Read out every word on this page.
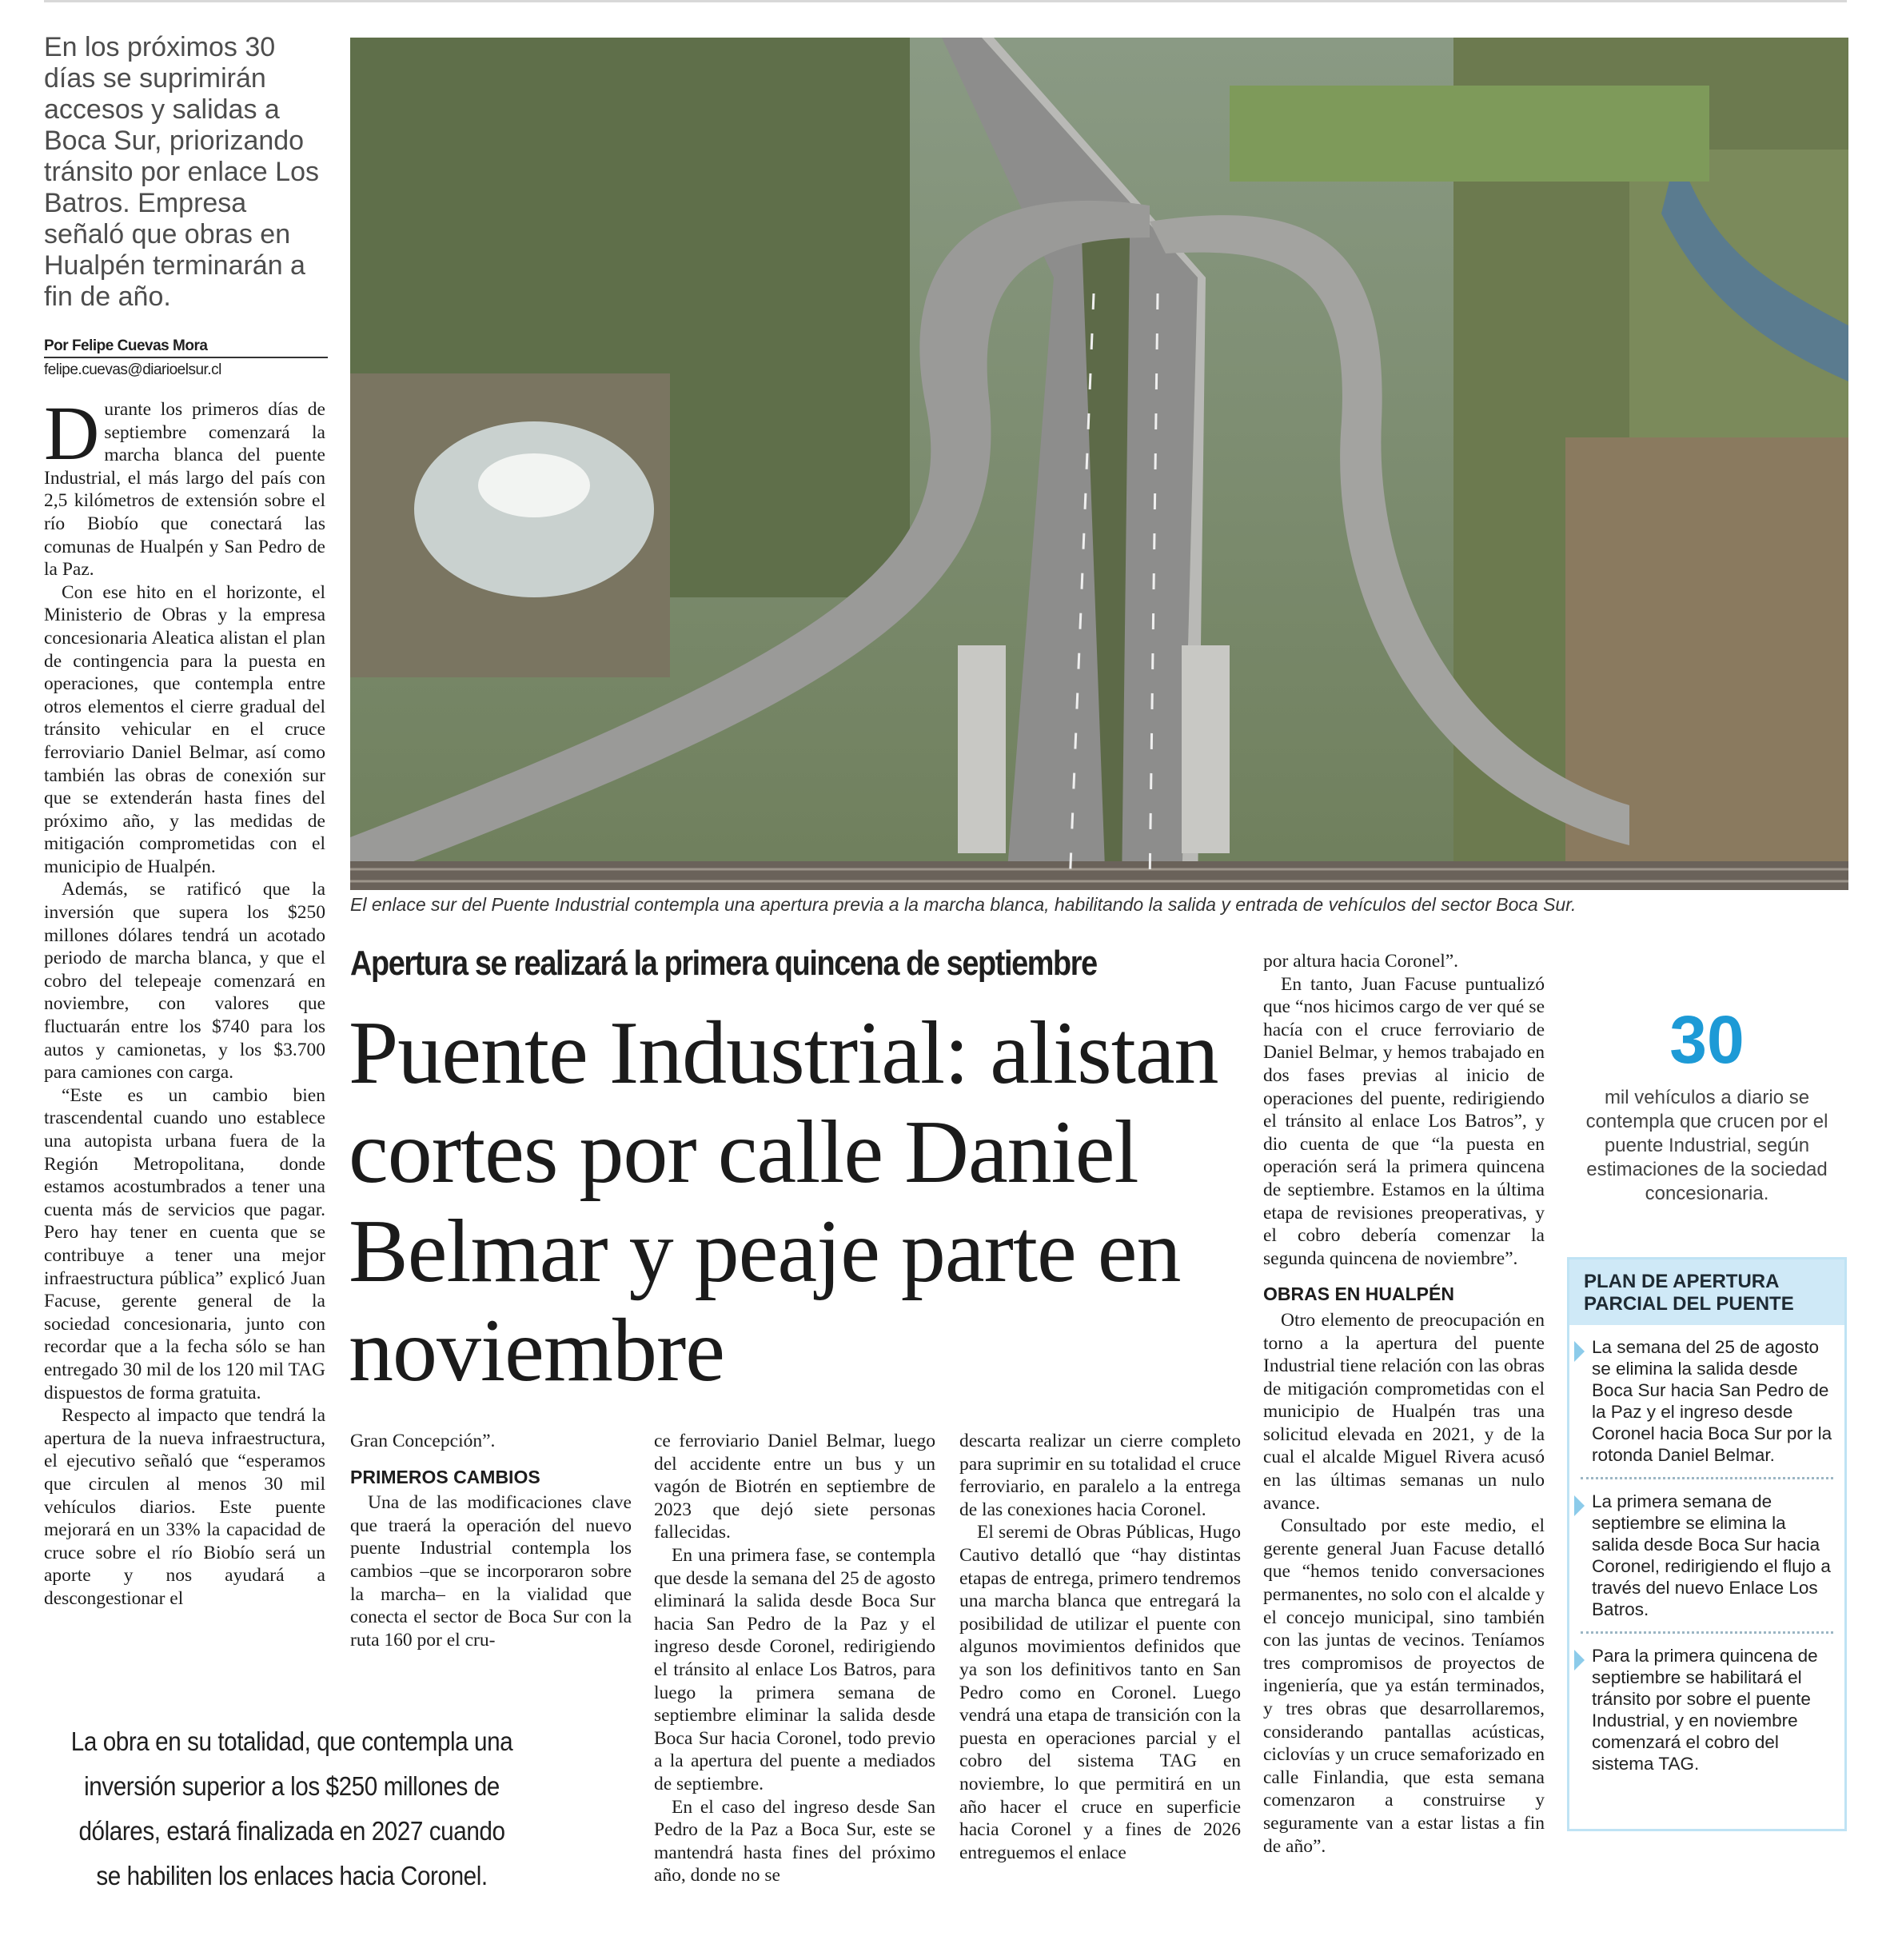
En los próximos 30 días se suprimirán accesos y salidas a Boca Sur, priorizando tránsito por enlace Los Batros. Empresa señaló que obras en Hualpén terminarán a fin de año.
Por Felipe Cuevas Mora
felipe.cuevas@diarioelsur.cl

Durante los primeros días de septiembre comenzará la marcha blanca del puente Industrial, el más largo del país con 2,5 kilómetros de extensión sobre el río Biobío que conectará las comunas de Hualpén y San Pedro de la Paz.

Con ese hito en el horizonte, el Ministerio de Obras y la empresa concesionaria Aleatica alistan el plan de contingencia para la puesta en operaciones, que contempla entre otros elementos el cierre gradual del tránsito vehicular en el cruce ferroviario Daniel Belmar, así como también las obras de conexión sur que se extenderán hasta fines del próximo año, y las medidas de mitigación comprometidas con el municipio de Hualpén.

Además, se ratificó que la inversión que supera los $250 millones dólares tendrá un acotado periodo de marcha blanca, y que el cobro del telepeaje comenzará en noviembre, con valores que fluctuarán entre los $740 para los autos y camionetas, y los $3.700 para camiones con carga.

“Este es un cambio bien trascendental cuando uno establece una autopista urbana fuera de la Región Metropolitana, donde estamos acostumbrados a tener una cuenta más de servicios que pagar. Pero hay tener en cuenta que se contribuye a tener una mejor infraestructura pública” explicó Juan Facuse, gerente general de la sociedad concesionaria, junto con recordar que a la fecha sólo se han entregado 30 mil de los 120 mil TAG dispuestos de forma gratuita.

Respecto al impacto que tendrá la apertura de la nueva infraestructura, el ejecutivo señaló que “esperamos que circulen al menos 30 mil vehículos diarios. Este puente mejorará en un 33% la capacidad de cruce sobre el río Biobío será un aporte y nos ayudará a descongestionar el

El enlace sur del Puente Industrial contempla una apertura previa a la marcha blanca, habilitando la salida y entrada de vehículos del sector Boca Sur.
Apertura se realizará la primera quincena de septiembre
Puente Industrial: alistan cortes por calle Daniel Belmar y peaje parte en noviembre

Gran Concepción”.

PRIMEROS CAMBIOS

Una de las modificaciones clave que traerá la operación del nuevo puente Industrial contempla los cambios –que se incorporaron sobre la marcha– en la vialidad que conecta el sector de Boca Sur con la ruta 160 por el cru-

ce ferroviario Daniel Belmar, luego del accidente entre un bus y un vagón de Biotrén en septiembre de 2023 que dejó siete personas fallecidas.

En una primera fase, se contempla que desde la semana del 25 de agosto eliminará la salida desde Boca Sur hacia San Pedro de la Paz y el ingreso desde Coronel, redirigiendo el tránsito al enlace Los Batros, para luego la primera semana de septiembre eliminar la salida desde Boca Sur hacia Coronel, todo previo a la apertura del puente a mediados de septiembre.

En el caso del ingreso desde San Pedro de la Paz a Boca Sur, este se mantendrá hasta fines del próximo año, donde no se

descarta realizar un cierre completo para suprimir en su totalidad el cruce ferroviario, en paralelo a la entrega de las conexiones hacia Coronel.

El seremi de Obras Públicas, Hugo Cautivo detalló que “hay distintas etapas de entrega, primero tendremos una marcha blanca que entregará la posibilidad de utilizar el puente con algunos movimientos definidos que ya son los definitivos tanto en San Pedro como en Coronel. Luego vendrá una etapa de transición con la puesta en operaciones parcial y el cobro del sistema TAG en noviembre, lo que permitirá en un año hacer el cruce en superficie hacia Coronel y a fines de 2026 entreguemos el enlace

por altura hacia Coronel”.

En tanto, Juan Facuse puntualizó que “nos hicimos cargo de ver qué se hacía con el cruce ferroviario de Daniel Belmar, y hemos trabajado en dos fases previas al inicio de operaciones del puente, redirigiendo el tránsito al enlace Los Batros”, y dio cuenta de que “la puesta en operación será la primera quincena de septiembre. Estamos en la última etapa de revisiones preoperativas, y el cobro debería comenzar la segunda quincena de noviembre”.

OBRAS EN HUALPÉN

Otro elemento de preocupación en torno a la apertura del puente Industrial tiene relación con las obras de mitigación comprometidas con el municipio de Hualpén tras una solicitud elevada en 2021, y de la cual el alcalde Miguel Rivera acusó en las últimas semanas un nulo avance.

Consultado por este medio, el gerente general Juan Facuse detalló que “hemos tenido conversaciones permanentes, no solo con el alcalde y el concejo municipal, sino también con las juntas de vecinos. Teníamos tres compromisos de proyectos de ingeniería, que ya están terminados, y tres obras que desarrollaremos, considerando pantallas acústicas, ciclovías y un cruce semaforizado en calle Finlandia, que esta semana comenzaron a construirse y seguramente van a estar listas a fin de año”.

La obra en su totalidad, que contempla una inversión superior a los $250 millones de dólares, estará finalizada en 2027 cuando se habiliten los enlaces hacia Coronel.
30
mil vehículos a diario se contempla que crucen por el puente Industrial, según estimaciones de la sociedad concesionaria.
PLAN DE APERTURA PARCIAL DEL PUENTE
La semana del 25 de agosto se elimina la salida desde Boca Sur hacia San Pedro de la Paz y el ingreso desde Coronel hacia Boca Sur por la rotonda Daniel Belmar.
La primera semana de septiembre se elimina la salida desde Boca Sur hacia Coronel, redirigiendo el flujo a través del nuevo Enlace Los Batros.
Para la primera quincena de septiembre se habilitará el tránsito por sobre el puente Industrial, y en noviembre comenzará el cobro del sistema TAG.
